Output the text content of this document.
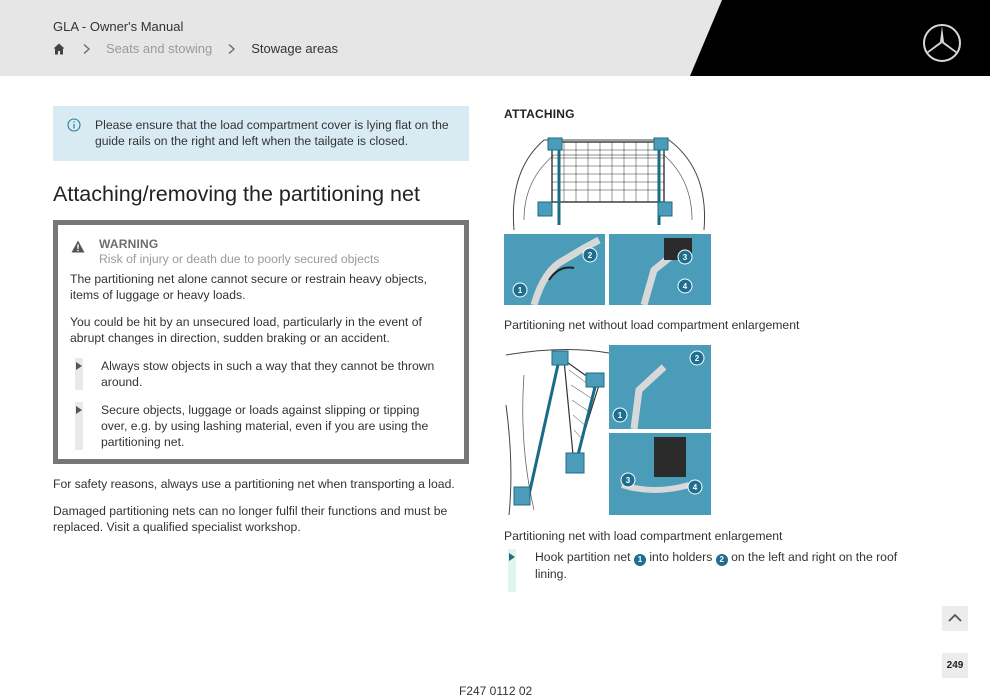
GLA - Owner's Manual
Seats and stowing	Stowage areas
Please ensure that the load compartment cover is lying flat on the guide rails on the right and left when the tailgate is closed.
Attaching/removing the partitioning net
WARNING
Risk of injury or death due to poorly secured objects
The partitioning net alone cannot secure or restrain heavy objects, items of luggage or heavy loads.
You could be hit by an unsecured load, particularly in the event of abrupt changes in direction, sudden braking or an accident.
Always stow objects in such a way that they cannot be thrown around.
Secure objects, luggage or loads against slipping or tipping over, e.g. by using lashing material, even if you are using the partitioning net.
For safety reasons, always use a partitioning net when transporting a load.
Damaged partitioning nets can no longer fulfil their functions and must be replaced. Visit a qualified specialist workshop.
ATTACHING
1
2	3
4
Partitioning net without load compartment enlargement
1
2
3
4
Partitioning net with load compartment enlargement
Hook partition net 1 into holders 2 on the left and right on the roof lining.
F247 0112 02
249
